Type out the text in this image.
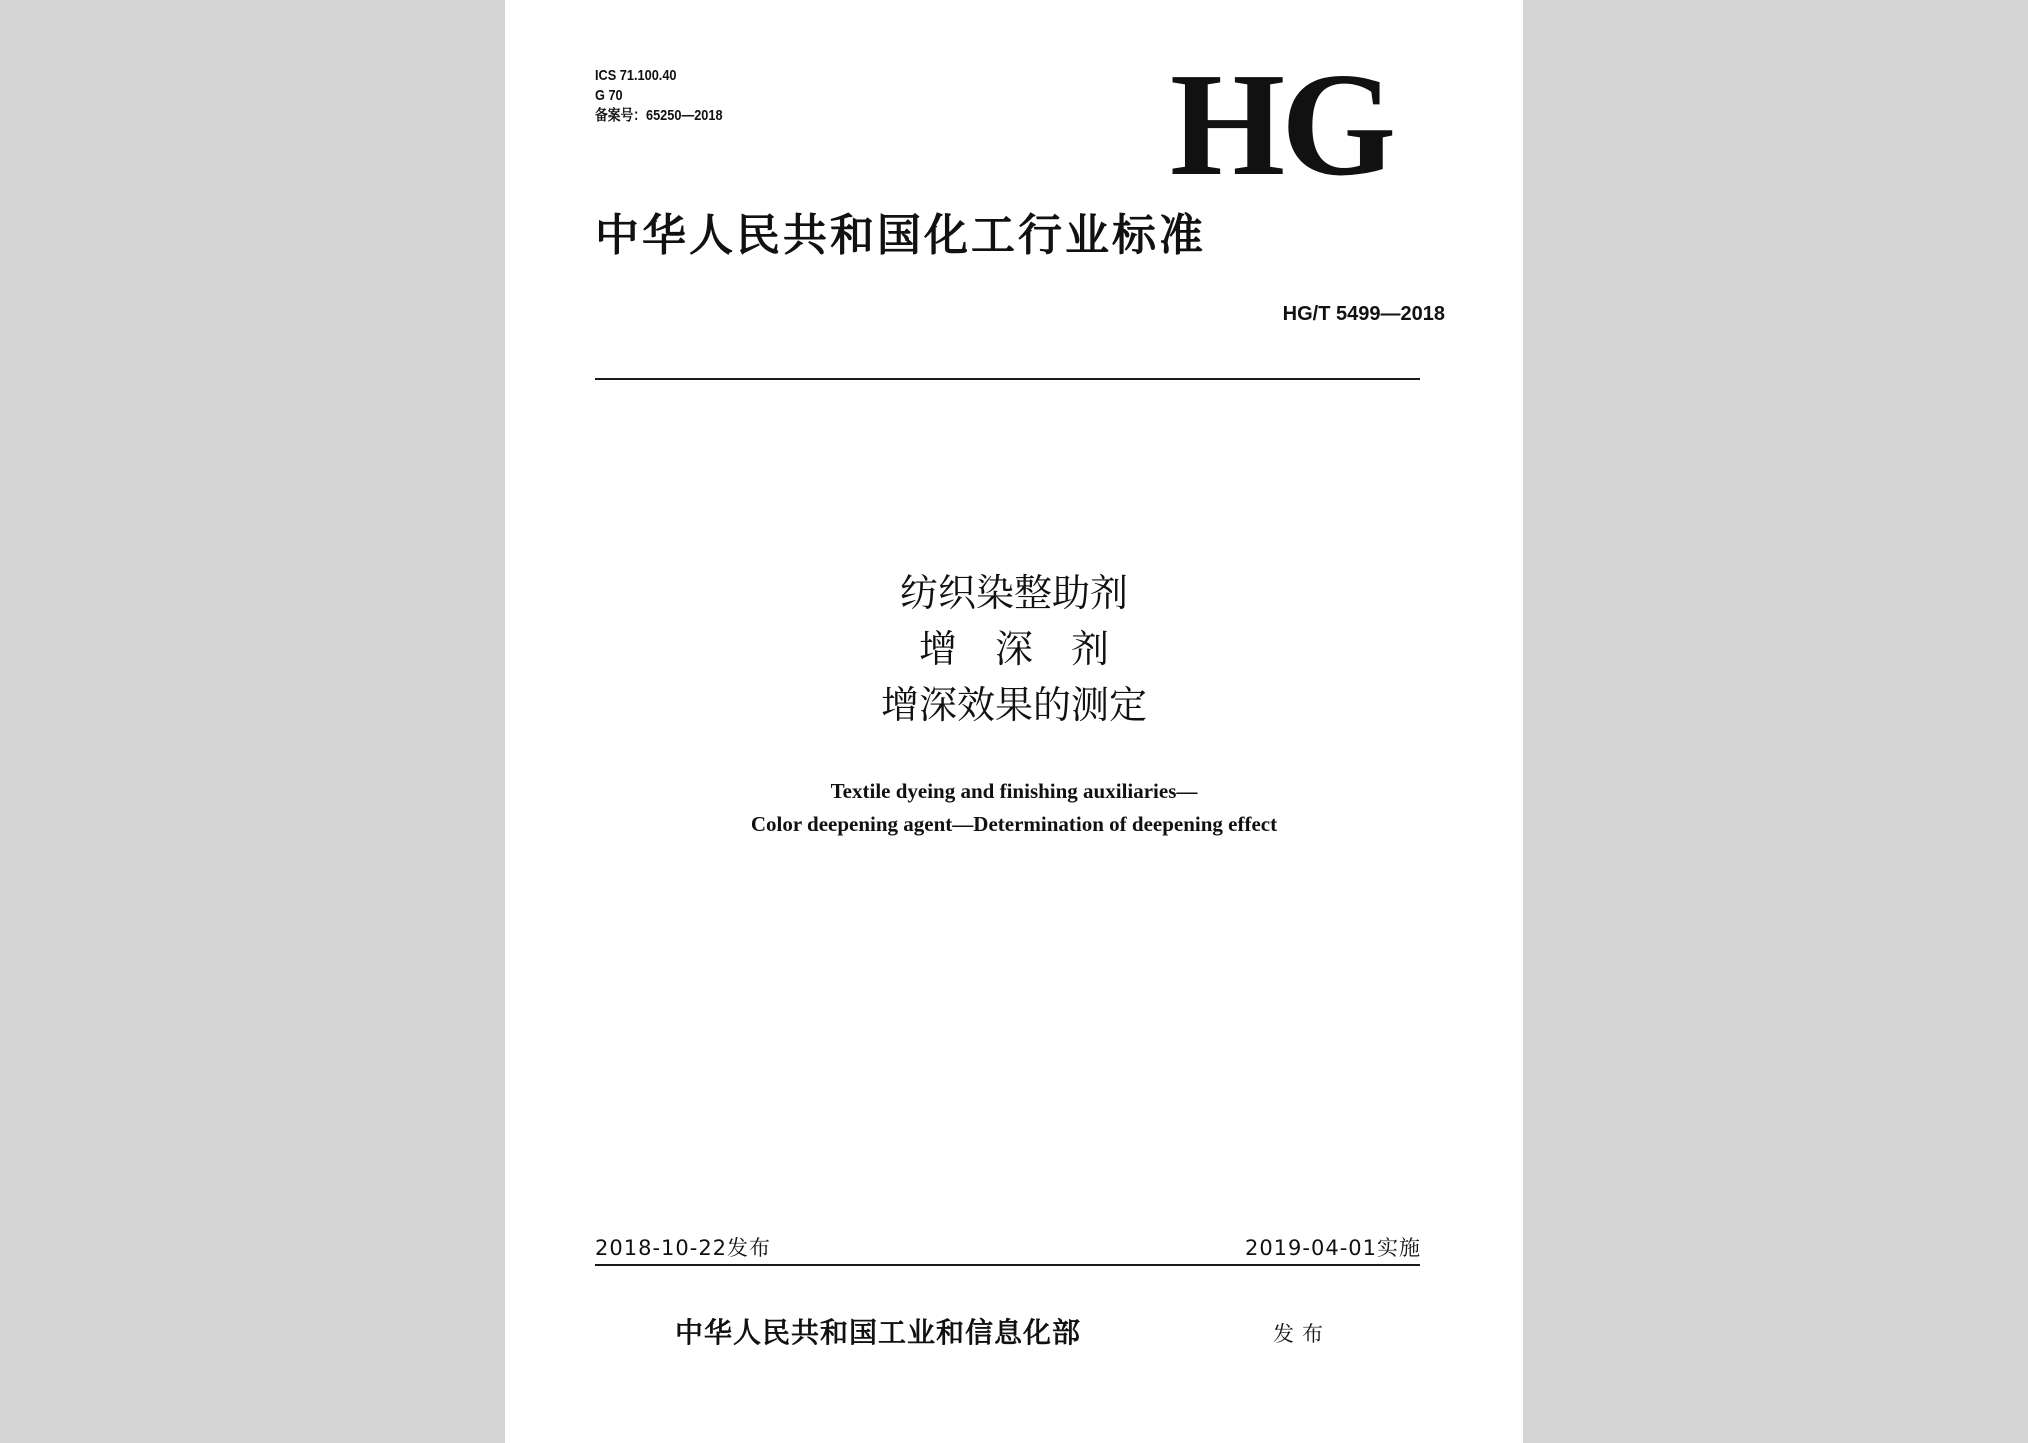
ICS 71.100.40
G 70
备案号：65250—2018	HG
中华人民共和国化工行业标准
HG/T 5499—2018
纺织染整助剂
增　深　剂
增深效果的测定
Textile dyeing and finishing auxiliaries—
Color deepening agent—Determination of deepening effect
2018-10-22发布	2019-04-01实施
中华人民共和国工业和信息化部	发布
